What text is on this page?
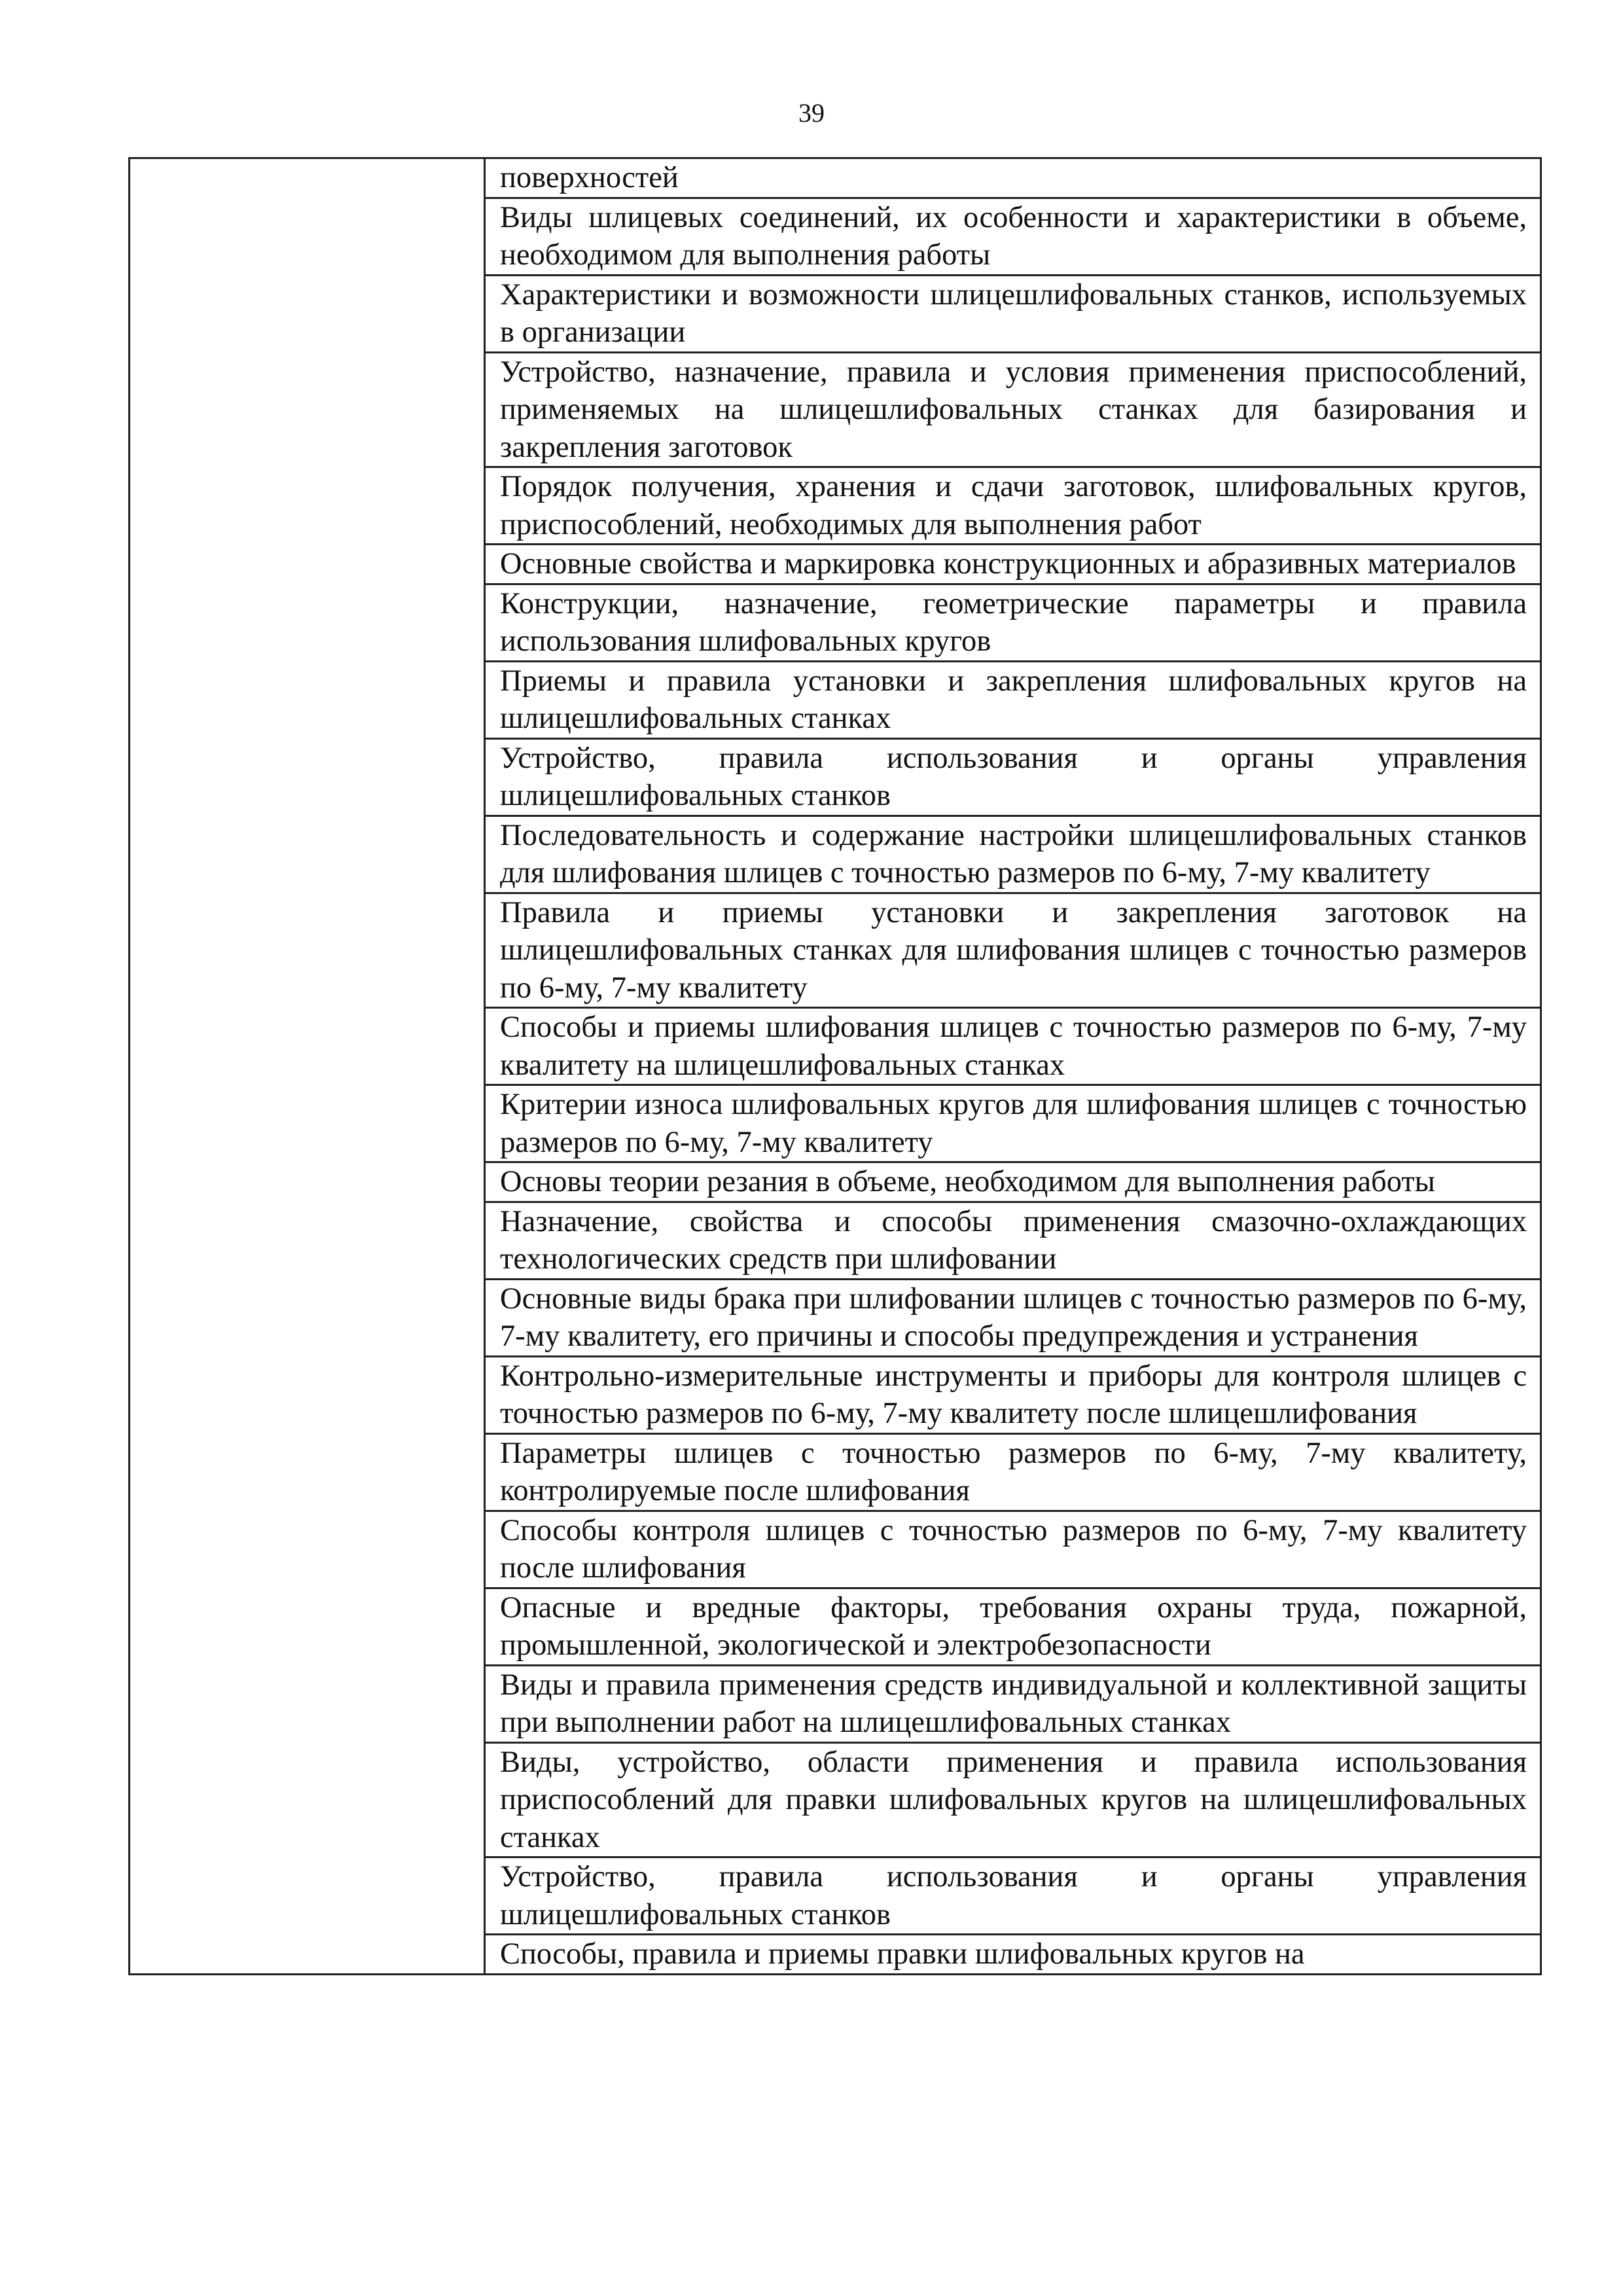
39
	поверхностей
Виды шлицевых соединений, их особенности и характеристики в объеме, необходимом для выполнения работы
Характеристики и возможности шлицешлифовальных станков, используемых в организации
Устройство, назначение, правила и условия применения приспособлений, применяемых на шлицешлифовальных станках для базирования и закрепления заготовок
Порядок получения, хранения и сдачи заготовок, шлифовальных кругов, приспособлений, необходимых для выполнения работ
Основные свойства и маркировка конструкционных и абразивных материалов
Конструкции, назначение, геометрические параметры и правила использования шлифовальных кругов
Приемы и правила установки и закрепления шлифовальных кругов на шлицешлифовальных станках
Устройство, правила использования и органы управления шлицешлифовальных станков
Последовательность и содержание настройки шлицешлифовальных станков для шлифования шлицев с точностью размеров по 6-му, 7-му квалитету
Правила и приемы установки и закрепления заготовок на шлицешлифовальных станках для шлифования шлицев с точностью размеров по 6-му, 7-му квалитету
Способы и приемы шлифования шлицев с точностью размеров по 6-му, 7-му квалитету на шлицешлифовальных станках
Критерии износа шлифовальных кругов для шлифования шлицев с точностью размеров по 6-му, 7-му квалитету
Основы теории резания в объеме, необходимом для выполнения работы
Назначение, свойства и способы применения смазочно-охлаждающих технологических средств при шлифовании
Основные виды брака при шлифовании шлицев с точностью размеров по 6-му, 7-му квалитету, его причины и способы предупреждения и устранения
Контрольно-измерительные инструменты и приборы для контроля шлицев с точностью размеров по 6-му, 7-му квалитету после шлицешлифования
Параметры шлицев с точностью размеров по 6-му, 7-му квалитету, контролируемые после шлифования
Способы контроля шлицев с точностью размеров по 6-му, 7-му квалитету после шлифования
Опасные и вредные факторы, требования охраны труда, пожарной, промышленной, экологической и электробезопасности
Виды и правила применения средств индивидуальной и коллективной защиты при выполнении работ на шлицешлифовальных станках
Виды, устройство, области применения и правила использования приспособлений для правки шлифовальных кругов на шлицешлифовальных станках
Устройство, правила использования и органы управления шлицешлифовальных станков
Способы, правила и приемы правки шлифовальных кругов на
